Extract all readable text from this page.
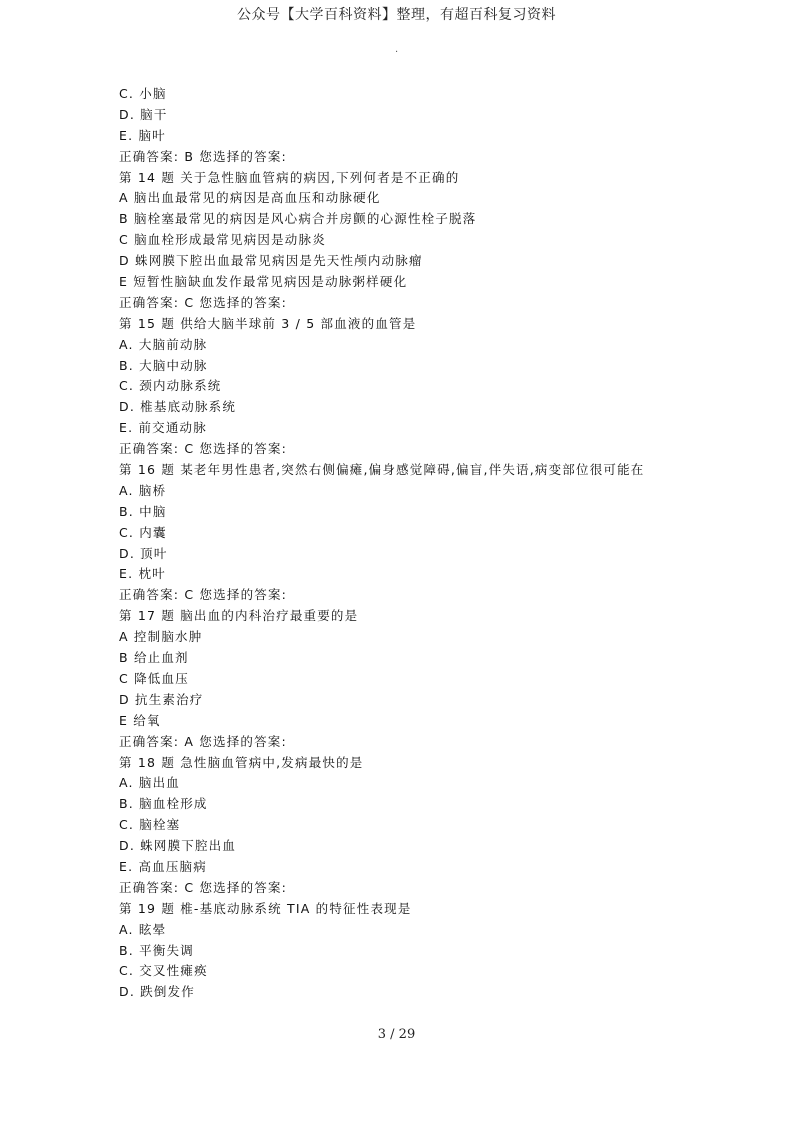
公众号【大学百科资料】整理，有超百科复习资料
.
C. 小脑
D. 脑干
E. 脑叶
正确答案: B 您选择的答案:
第 14 题 关于急性脑血管病的病因,下列何者是不正确的
A 脑出血最常见的病因是高血压和动脉硬化
B 脑栓塞最常见的病因是风心病合并房颤的心源性栓子脱落
C 脑血栓形成最常见病因是动脉炎
D 蛛网膜下腔出血最常见病因是先天性颅内动脉瘤
E 短暂性脑缺血发作最常见病因是动脉粥样硬化
正确答案: C 您选择的答案:
第 15 题 供给大脑半球前 3 / 5 部血液的血管是
A. 大脑前动脉
B. 大脑中动脉
C. 颈内动脉系统
D. 椎基底动脉系统
E. 前交通动脉
正确答案: C 您选择的答案:
第 16 题 某老年男性患者,突然右侧偏瘫,偏身感觉障碍,偏盲,伴失语,病变部位很可能在
A. 脑桥
B. 中脑
C. 内囊
D. 顶叶
E. 枕叶
正确答案: C 您选择的答案:
第 17 题 脑出血的内科治疗最重要的是
A 控制脑水肿
B 给止血剂
C 降低血压
D 抗生素治疗
E 给氧
正确答案: A 您选择的答案:
第 18 题 急性脑血管病中,发病最快的是
A. 脑出血
B. 脑血栓形成
C. 脑栓塞
D. 蛛网膜下腔出血
E. 高血压脑病
正确答案: C 您选择的答案:
第 19 题 椎-基底动脉系统 TIA 的特征性表现是
A. 眩晕
B. 平衡失调
C. 交叉性瘫痪
D. 跌倒发作
3 / 29
